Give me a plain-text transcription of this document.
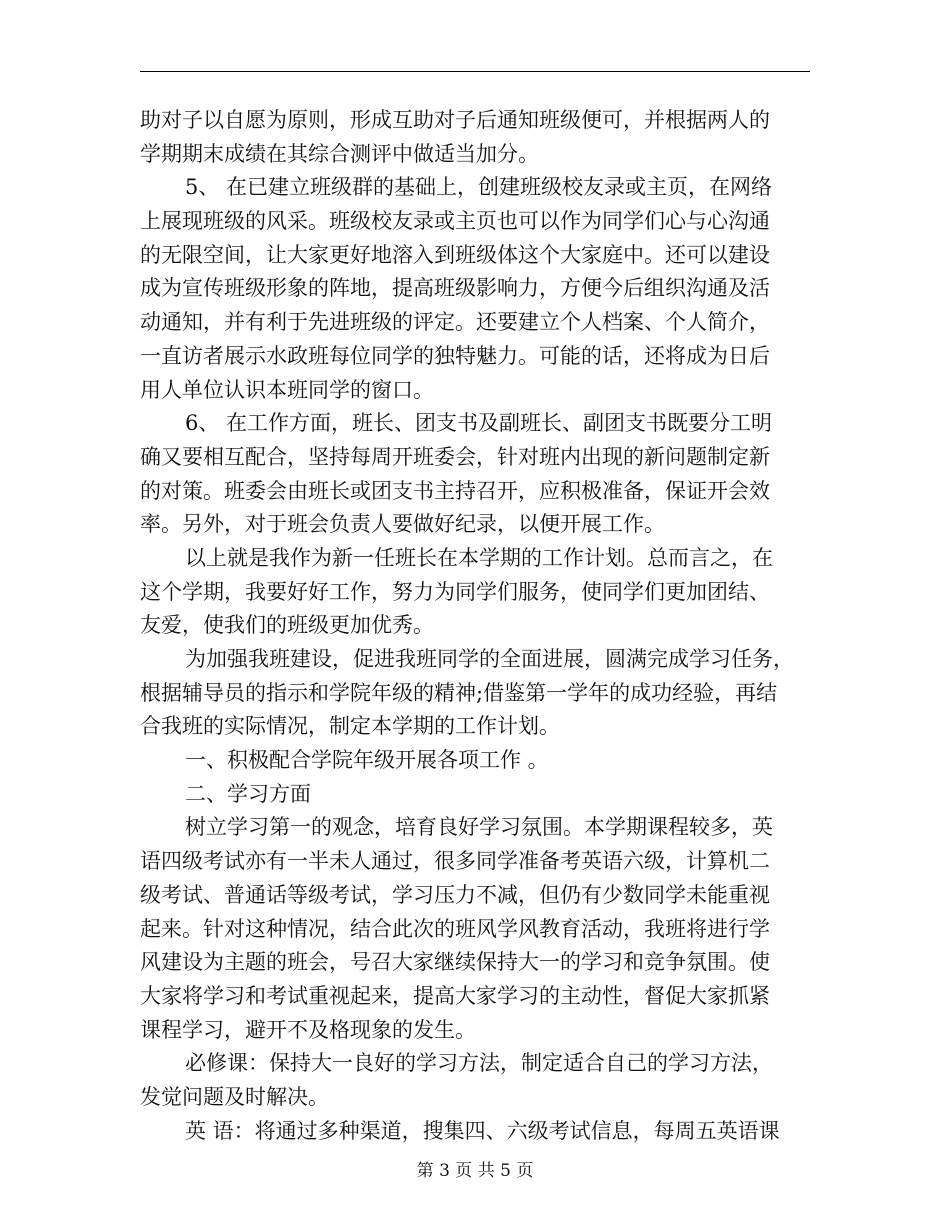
助对子以自愿为原则，形成互助对子后通知班级便可，并根据两人的
学期期末成绩在其综合测评中做适当加分。
5、 在已建立班级群的基础上，创建班级校友录或主页，在网络
上展现班级的风采。班级校友录或主页也可以作为同学们心与心沟通
的无限空间，让大家更好地溶入到班级体这个大家庭中。还可以建设
成为宣传班级形象的阵地，提高班级影响力，方便今后组织沟通及活
动通知，并有利于先进班级的评定。还要建立个人档案、个人简介，
一直访者展示水政班每位同学的独特魅力。可能的话，还将成为日后
用人单位认识本班同学的窗口。
6、 在工作方面，班长、团支书及副班长、副团支书既要分工明
确又要相互配合，坚持每周开班委会，针对班内出现的新问题制定新
的对策。班委会由班长或团支书主持召开，应积极准备，保证开会效
率。另外，对于班会负责人要做好纪录，以便开展工作。
以上就是我作为新一任班长在本学期的工作计划。总而言之，在
这个学期，我要好好工作，努力为同学们服务，使同学们更加团结、
友爱，使我们的班级更加优秀。
为加强我班建设，促进我班同学的全面进展，圆满完成学习任务，
根据辅导员的指示和学院年级的精神;借鉴第一学年的成功经验，再结
合我班的实际情况，制定本学期的工作计划。
一、积极配合学院年级开展各项工作 。
二、学习方面
树立学习第一的观念，培育良好学习氛围。本学期课程较多，英
语四级考试亦有一半未人通过，很多同学准备考英语六级，计算机二
级考试、普通话等级考试，学习压力不减，但仍有少数同学未能重视
起来。针对这种情况，结合此次的班风学风教育活动，我班将进行学
风建设为主题的班会，号召大家继续保持大一的学习和竞争氛围。使
大家将学习和考试重视起来，提高大家学习的主动性，督促大家抓紧
课程学习，避开不及格现象的发生。
必修课：保持大一良好的学习方法，制定适合自己的学习方法，
发觉问题及时解决。
英 语：将通过多种渠道，搜集四、六级考试信息，每周五英语课
第 3 页 共 5 页
